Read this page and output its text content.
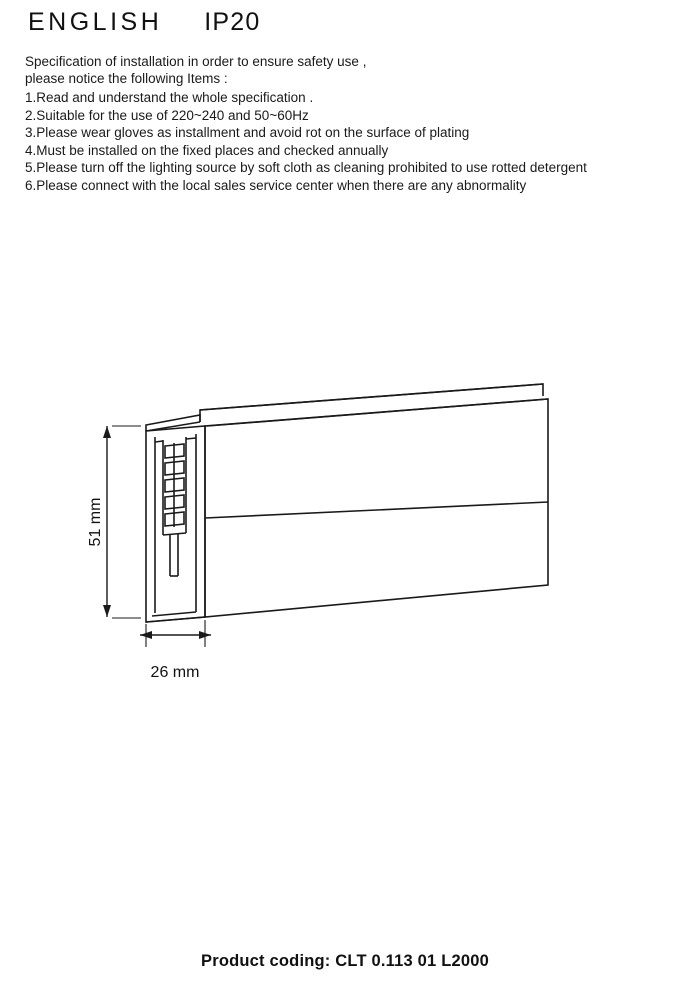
ENGLISH IP20
Specification of installation in order to ensure safety use ,
please notice the following Items :
1.Read and understand the whole specification .
2.Suitable for the use of 220~240 and 50~60Hz
3.Please wear gloves as installment and avoid rot on the surface of plating
4.Must be installed on the fixed places and checked annually
5.Please turn off the lighting source by soft cloth as cleaning prohibited to use rotted detergent
6.Please connect with the local sales service center when there are any abnormality
51 mm
26 mm
Product coding: CLT 0.113 01 L2000
